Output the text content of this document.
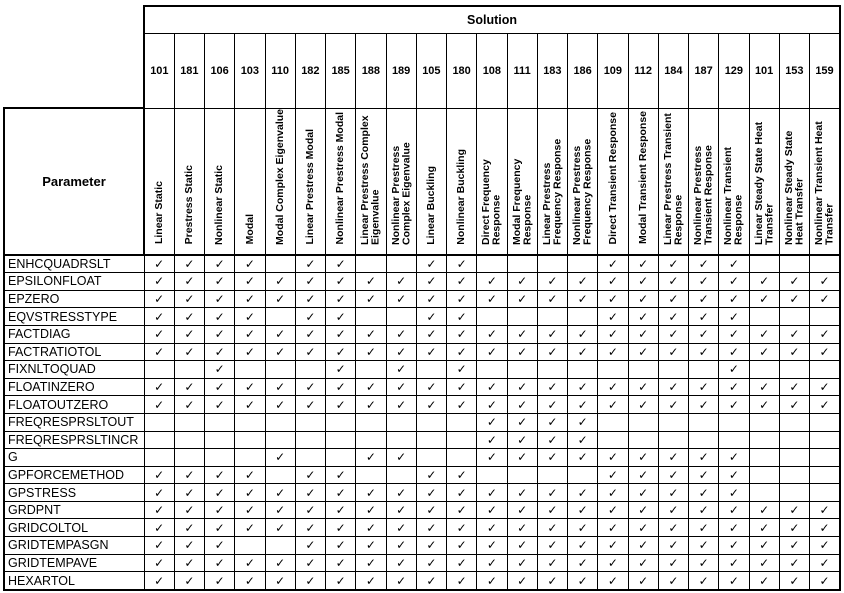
	Solution																						
	101	181	106	103	110	182	185	188	189	105	180	108	111	183	186	109	112	184	187	129	101	153	159
Parameter	Linear Static	Prestress Static	Nonlinear Static	Modal	Modal Complex Eigenvalue	Linear Prestress Modal	Nonlinear Prestress Modal	Linear Prestress Complex Eigenvalue	Nonlinear Prestress Complex Eigenvalue	Linear Buckling	Nonlinear Buckling	Direct Frequency Response	Modal Frequency Response	Linear Prestress Frequency Response	Nonlinear Prestress Frequency Response	Direct Transient Response	Modal Transient Response	Linear Prestress Transient Response	Nonlinear Prestress Transient Response	Nonlinear Transient Response	Linear Steady State Heat Transfer	Nonlinear Steady State Heat Transfer	Nonlinear Transient Heat Transfer
ENHCQUADRSLT	✓	✓	✓	✓		✓	✓			✓	✓					✓	✓	✓	✓	✓			
EPSILONFLOAT	✓	✓	✓	✓	✓	✓	✓	✓	✓	✓	✓	✓	✓	✓	✓	✓	✓	✓	✓	✓	✓	✓	✓
EPZERO	✓	✓	✓	✓	✓	✓	✓	✓	✓	✓	✓	✓	✓	✓	✓	✓	✓	✓	✓	✓	✓	✓	✓
EQVSTRESSTYPE	✓	✓	✓	✓		✓	✓			✓	✓					✓	✓	✓	✓	✓			
FACTDIAG	✓	✓	✓	✓	✓	✓	✓	✓	✓	✓	✓	✓	✓	✓	✓	✓	✓	✓	✓	✓	✓	✓	✓
FACTRATIOTOL	✓	✓	✓	✓	✓	✓	✓	✓	✓	✓	✓	✓	✓	✓	✓	✓	✓	✓	✓	✓	✓	✓	✓
FIXNLTOQUAD			✓				✓		✓		✓									✓			
FLOATINZERO	✓	✓	✓	✓	✓	✓	✓	✓	✓	✓	✓	✓	✓	✓	✓	✓	✓	✓	✓	✓	✓	✓	✓
FLOATOUTZERO	✓	✓	✓	✓	✓	✓	✓	✓	✓	✓	✓	✓	✓	✓	✓	✓	✓	✓	✓	✓	✓	✓	✓
FREQRESPRSLTOUT												✓	✓	✓	✓								
FREQRESPRSLTINCR												✓	✓	✓	✓								
G					✓			✓	✓			✓	✓	✓	✓	✓	✓	✓	✓	✓			
GPFORCEMETHOD	✓	✓	✓	✓		✓	✓			✓	✓					✓	✓	✓	✓	✓			
GPSTRESS	✓	✓	✓	✓	✓	✓	✓	✓	✓	✓	✓	✓	✓	✓	✓	✓	✓	✓	✓	✓			
GRDPNT	✓	✓	✓	✓	✓	✓	✓	✓	✓	✓	✓	✓	✓	✓	✓	✓	✓	✓	✓	✓	✓	✓	✓
GRIDCOLTOL	✓	✓	✓	✓	✓	✓	✓	✓	✓	✓	✓	✓	✓	✓	✓	✓	✓	✓	✓	✓	✓	✓	✓
GRIDTEMPASGN	✓	✓	✓			✓	✓	✓	✓	✓	✓	✓	✓	✓	✓	✓	✓	✓	✓	✓	✓	✓	✓
GRIDTEMPAVE	✓	✓	✓	✓	✓	✓	✓	✓	✓	✓	✓	✓	✓	✓	✓	✓	✓	✓	✓	✓	✓	✓	✓
HEXARTOL	✓	✓	✓	✓	✓	✓	✓	✓	✓	✓	✓	✓	✓	✓	✓	✓	✓	✓	✓	✓	✓	✓	✓
